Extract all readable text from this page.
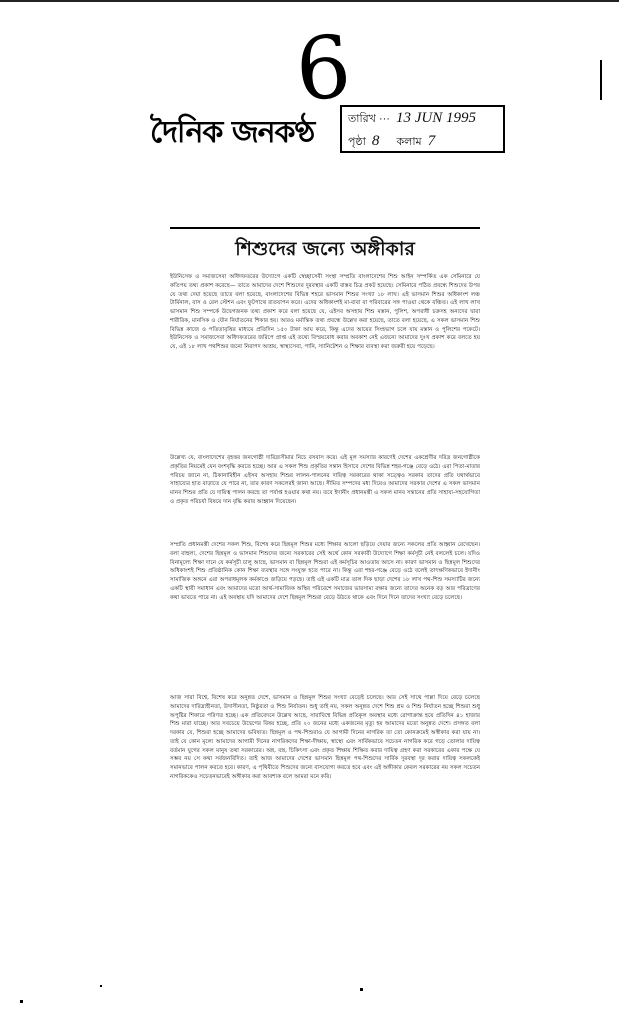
6
দৈনিক জনকণ্ঠ	তারিখ ··· 13 JUN 1995
পৃষ্ঠা 8 কলাম 7
শিশুদের জন্যে অঙ্গীকার

ইউনিসেফ ও সমাজসেবা অধিদফতরের উদ্যোগে একটি স্বেচ্ছাসেবী সংস্থা সম্প্রতি বাংলাদেশের শিশু আইন সম্পর্কিত এক সেমিনারে যে কতিপয় তথ্য প্রকাশ করেছে— তাতে আমাদের দেশে শিশুদের দুরবস্থার একটি বাস্তব চিত্র প্রকট হয়েছে। সেমিনারে পঠিত প্রবন্ধে শিশুদের উপর যে তথ্য দেয়া হয়েছে তাতে বলা হয়েছে, বাংলাদেশের বিভিন্ন শহরে ভাসমান শিশুর সংখ্যা ১৮ লাখ। এই ভাসমান শিশুর অধিকাংশ লঞ্চ টার্মিনাল, বাস ও রেল স্টেশন এবং ফুটপাথে রাতযাপন করে। এদের অধিকাংশই মা-বাবা বা পরিবারের সঙ্গ পাওয়া থেকে বঞ্চিত। এই লাখ লাখ ভাসমান শিশু সম্পর্কে উদ্বেগজনক তথ্য প্রকাশ করে বলা হয়েছে যে, এইসব অসহায় শিশু মস্তান, পুলিশ, অপরাধী চক্রসহ অন্যদের দ্বারা শারীরিক, মানসিক ও যৌন নির্যাতনের শিকার হয়। আরও মর্মান্তিক তথ্য প্রবন্ধে উল্লেখ করা হয়েছে, তাতে বলা হয়েছে, এ সকল ভাসমান শিশু বিভিন্ন কাজে ও পতিতাবৃত্তির মাধ্যমে প্রতিদিন ১৫০ টাকা আয় করে, কিন্তু এদের আয়ের সিংহভাগ চলে যায় মস্তান ও পুলিশের পকেটে। ইউনিসেফ ও সমাজসেবা অধিদফতরের জরিপে প্রাপ্ত এই তথ্যে বিস্ময়বোধ করার অবকাশ নেই এজন্যে আমাদের দুঃখ প্রকাশ করে বলতে হয় যে, এই ১৮ লাখ পথশিশুর জন্যে নিরাপদ আশ্রয়, স্বাস্থ্যসেবা, পানি, স্যানিটেশন ও শিক্ষার ব্যবস্থা করা জরুরী হয়ে পড়েছে।

উল্লেখ্য যে, বাংলাদেশের বৃহত্তর জনগোষ্ঠী দারিদ্র্যসীমার নিচে বসবাস করে। এই মূল সমস্যার কারণেই দেশের একশ্রেণীর দরিদ্র জনগোষ্ঠীকে প্রকৃতির নিয়মেই যেন বংশবৃদ্ধি করতে হচ্ছে। আর এ সকল শিশু প্রকৃতির সন্তান হিসাবে দেশের বিভিন্ন শহর-গঞ্জে বেড়ে ওঠে। এরা পিতা-মাতার পরিচয় জানে না, ঠিকানাবিহীন এইসব অসহায় শিশুর লালন-পালনের দায়িত্ব সরকারের থাকা সত্ত্বেও সরকার তাদের প্রতি যথার্থভাবে সাহায্যের হাত বাড়াতে যে পারে না, তার কারণ সকলেরই জানা আছে। সীমিত সম্পদের মধ্য দিয়েও আমাদের সরকার দেশের এ সকল ভাসমান মানব শিশুর প্রতি যে দায়িত্ব পালন করছে তা পর্যাপ্ত হওয়ার কথা নয়। তবে ইদানীং প্রধানমন্ত্রী এ সকল মানব সন্তানের প্রতি সাহায্য-সহযোগিতা ও প্রকৃত পরিচর্যা বিষয়ে দান বৃদ্ধি করার আহ্বান দিয়েছেন।

সম্প্রতি প্রধানমন্ত্রী দেশের সকল শিশু, বিশেষ করে ছিন্নমূল শিশুর মধ্যে শিক্ষার আলো ছড়িয়ে দেয়ার জন্যে সকলের প্রতি আহ্বান রেখেছেন। বলা বাহুল্য, দেশের ছিন্নমূল ও ভাসমান শিশুদের জন্যে সরকারের সেই অর্থে কোন সরকারী উদ্যোগে শিক্ষা কর্মসূচী নেই বললেই চলে। যদিও বিনামূল্যে শিক্ষা দানে যে কর্মসূচী চালু আছে, ভাসমান বা ছিন্নমূল শিশুরা এই কর্মসূচির আওতায় আসে না। কারণ ভাসমান ও ছিন্নমূল শিশুদের অধিকাংশই শিশু প্রতিষ্ঠানিক কোন শিক্ষা ব্যবস্থার সঙ্গে সংযুক্ত হতে পারে না। কিন্তু এরা শহর-গঞ্জে বেড়ে ওঠে বলেই তাৎক্ষণিকভাবে ইদানীং সামাজিক অঙ্গনে এরা অপরাধমূলক কর্মকাণ্ডে জড়িয়ে পড়ছে। তাই এই একটি মাত্র তাল দিক ছাড়া দেশের ১৮ লাখ পথ-শিশু সমস্যাটির জন্যে একটি স্থায়ী সমাধান এবং আমাদের মতো আর্থ-সামাজিক অস্থির পরিবেশে সমাজের ভারসাম্য রক্ষার জন্যে তাদের অনেক বড় আর পরিত্রাণের কথা ভাবতে পারে না। এই অবস্থায় যদি আমাদের দেশে ছিন্নমূল শিশুরা বেড়ে উঠতে থাকে এবং দিনে দিনে তাদের সংখ্যা বেড়ে চলেছে।

আজ সারা বিশ্বে, বিশেষ করে অনুন্নত দেশে, ভাসমান ও ছিন্নমূল শিশুর সংখ্যা বেড়েই চলেছে। আর সেই সাথে পাল্লা দিয়ে বেড়ে চলেছে আমাদের দারিদ্র্যহীনতা, উদাসীনতা, নিষ্ঠুরতা ও শিশু নির্যাতন। শুধু তাই নয়, সকল অনুন্নত দেশে শিশু শ্রম ও শিশু নির্যাতন হচ্ছে শিশুরা শুধু অপুষ্টির শিকারে পরিণত হচ্ছে। এক প্রতিবেদনে উল্লেখ আছে, সারাবিশ্বে বিভিন্ন প্রতিকূল অবস্থার মধ্যে রোগাক্রান্ত হয়ে প্রতিদিন ৪১ হাজার শিশু মারা যাচ্ছে। আর সবচেয়ে উদ্বেগের বিষয় হচ্ছে, প্রতি ২০ জনের মধ্যে একজনের মৃত্যু হয় আমাদের মতো অনুন্নত দেশে। প্রসঙ্গত বলা দরকার যে, শিশুরা হচ্ছে আমাদের ভবিষ্যত। ছিন্নমূল ও পথ-শিশুরাও যে আগামী দিনের নাগরিক তা তো কোনক্রমেই অস্বীকার করা যায় না। তাই যে কোন মূল্যে আমাদের আগামী দিনের নাগরিকদের শিক্ষা-দীক্ষায়, স্বাস্থ্যে এবং সার্বিকভাবে সচেতন নাগরিক করে গড়ে তোলার দায়িত্ব বর্তমান যুগের সকল মানুষ তথা সরকারের। অন্ন, বস্ত্র, চিকিৎসা এবং প্রকৃত শিক্ষায় শিক্ষিত করার দায়িত্ব গ্রহণ করা সরকারের একার পক্ষে যে সম্ভব নয় সে কথা সর্বজনবিদিত। তাই আজ আমাদের দেশের ভাসমান ছিন্নমূল পথ-শিশুদের সার্বিক দুরবস্থা দূর করার দায়িত্ব সকলকেই সমানভাবে পালন করতে হবে। কারণ, এ পৃথিবীতে শিশুদের জন্যে বাসযোগ্য করতে হবে এবং এই অঙ্গীকার কেবল সরকারের নয় সকল সচেতন নাগরিককেও সচেতনভাবেই অঙ্গীকার করা আবশ্যক বলে আমরা মনে করি।
